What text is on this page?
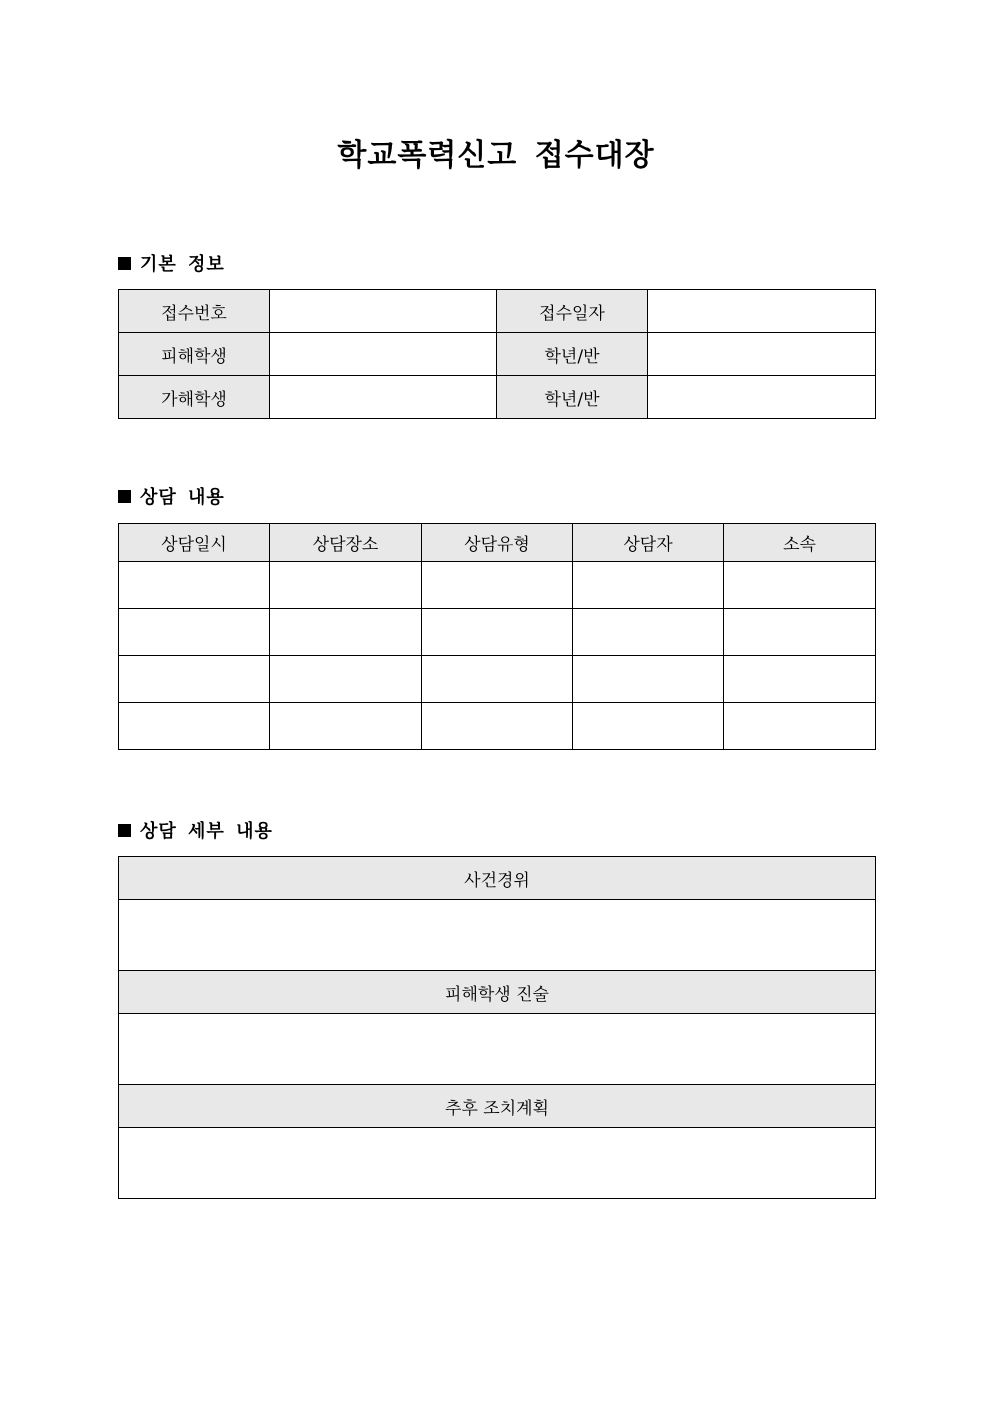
학교폭력신고 접수대장
기본 정보
접수번호		접수일자	
피해학생		학년/반	
가해학생		학년/반	
상담 내용
상담일시	상담장소	상담유형	상담자	소속

상담 세부 내용
사건경위

피해학생 진술

추후 조치계획
